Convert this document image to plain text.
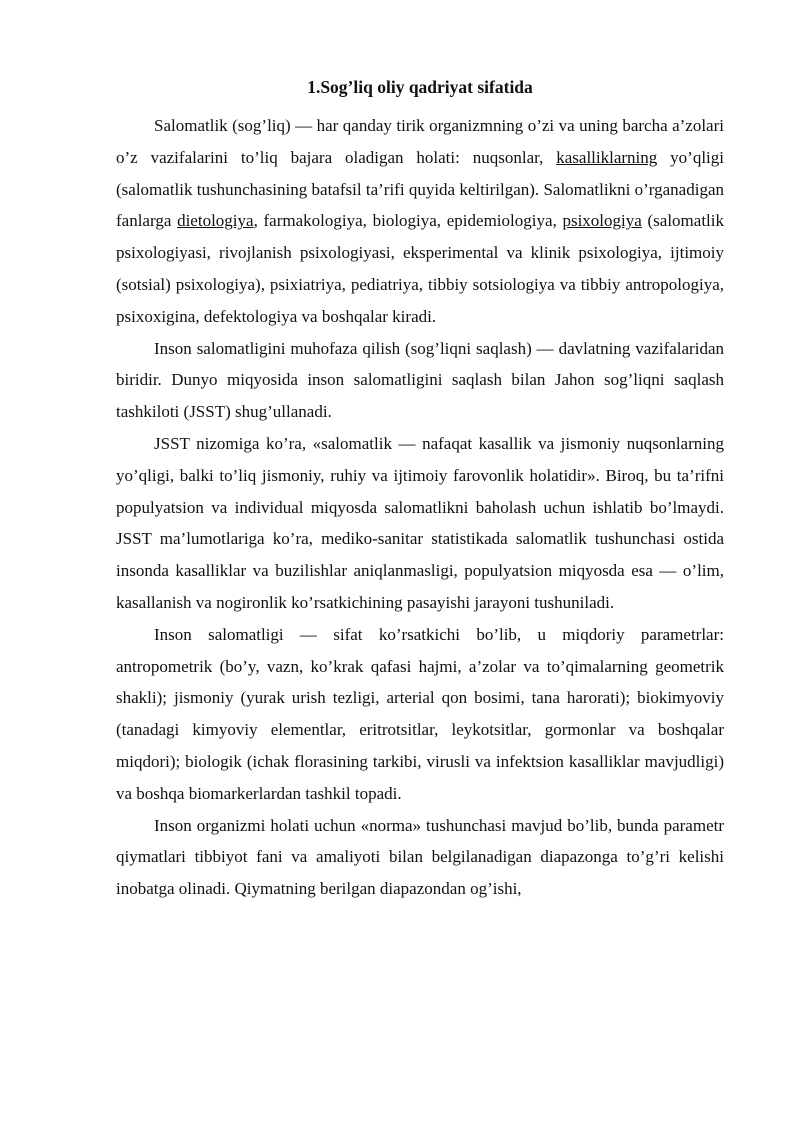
1.Sog’liq oliy qadriyat sifatida

Salomatlik (sog’liq) — har qanday tirik organizmning o’zi va uning barcha a’zolari o’z vazifalarini to’liq bajara oladigan holati: nuqsonlar, kasalliklarning yo’qligi (salomatlik tushunchasining batafsil ta’rifi quyida keltirilgan). Salomatlikni o’rganadigan fanlarga dietologiya, farmakologiya, biologiya, epidemiologiya, psixologiya (salomatlik psixologiyasi, rivojlanish psixologiyasi, eksperimental va klinik psixologiya, ijtimoiy (sotsial) psixologiya), psixiatriya, pediatriya, tibbiy sotsiologiya va tibbiy antropologiya, psixoxigina, defektologiya va boshqalar kiradi.

Inson salomatligini muhofaza qilish (sog’liqni saqlash) — davlatning vazifalaridan biridir. Dunyo miqyosida inson salomatligini saqlash bilan Jahon sog’liqni saqlash tashkiloti (JSST) shug’ullanadi.

JSST nizomiga ko’ra, «salomatlik — nafaqat kasallik va jismoniy nuqsonlarning yo’qligi, balki to’liq jismoniy, ruhiy va ijtimoiy farovonlik holatidir». Biroq, bu ta’rifni populyatsion va individual miqyosda salomatlikni baholash uchun ishlatib bo’lmaydi. JSST ma’lumotlariga ko’ra, mediko-sanitar statistikada salomatlik tushunchasi ostida insonda kasalliklar va buzilishlar aniqlanmasligi, populyatsion miqyosda esa — o’lim, kasallanish va nogironlik ko’rsatkichining pasayishi jarayoni tushuniladi.

Inson salomatligi — sifat ko’rsatkichi bo’lib, u miqdoriy parametrlar: antropometrik (bo’y, vazn, ko’krak qafasi hajmi, a’zolar va to’qimalarning geometrik shakli); jismoniy (yurak urish tezligi, arterial qon bosimi, tana harorati); biokimyoviy (tanadagi kimyoviy elementlar, eritrotsitlar, leykotsitlar, gormonlar va boshqalar miqdori); biologik (ichak florasining tarkibi, virusli va infektsion kasalliklar mavjudligi) va boshqa biomarkerlardan tashkil topadi.

Inson organizmi holati uchun «norma» tushunchasi mavjud bo’lib, bunda parametr qiymatlari tibbiyot fani va amaliyoti bilan belgilanadigan diapazonga to’g’ri kelishi inobatga olinadi. Qiymatning berilgan diapazondan og’ishi,
